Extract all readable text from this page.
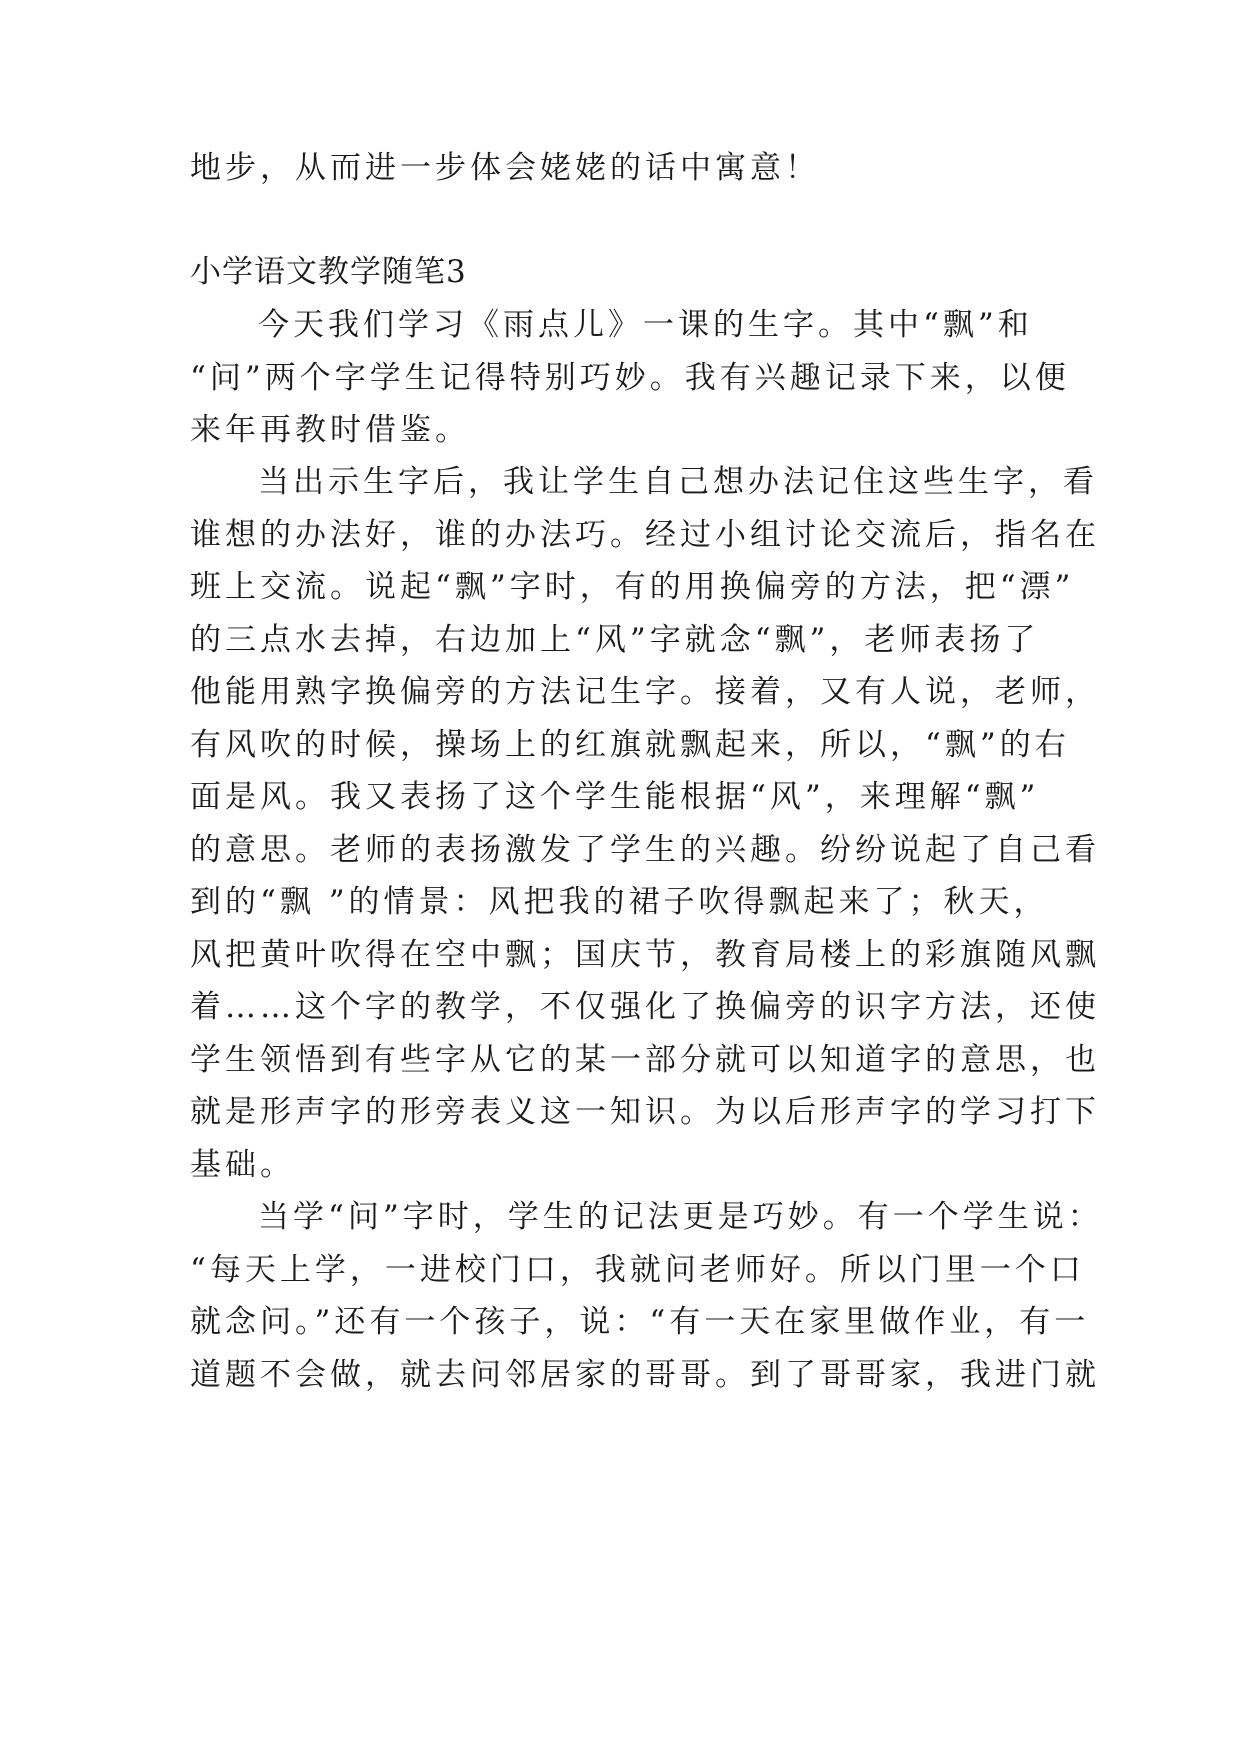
地步，从而进一步体会姥姥的话中寓意！
小学语文教学随笔3
今天我们学习《雨点儿》一课的生字。其中“飘”和
“问”两个字学生记得特别巧妙。我有兴趣记录下来，以便
来年再教时借鉴。
当出示生字后，我让学生自己想办法记住这些生字，看
谁想的办法好，谁的办法巧。经过小组讨论交流后，指名在
班上交流。说起“飘”字时，有的用换偏旁的方法，把“漂”
的三点水去掉，右边加上“风”字就念“飘”，老师表扬了
他能用熟字换偏旁的方法记生字。接着，又有人说，老师，
有风吹的时候，操场上的红旗就飘起来，所以，“飘”的右
面是风。我又表扬了这个学生能根据“风”，来理解“飘”
的意思。老师的表扬激发了学生的兴趣。纷纷说起了自己看
到的“飘 ”的情景：风把我的裙子吹得飘起来了；秋天，
风把黄叶吹得在空中飘；国庆节，教育局楼上的彩旗随风飘
着……这个字的教学，不仅强化了换偏旁的识字方法，还使
学生领悟到有些字从它的某一部分就可以知道字的意思，也
就是形声字的形旁表义这一知识。为以后形声字的学习打下
基础。
当学“问”字时，学生的记法更是巧妙。有一个学生说：
“每天上学，一进校门口，我就问老师好。所以门里一个口
就念问。”还有一个孩子，说：“有一天在家里做作业，有一
道题不会做，就去问邻居家的哥哥。到了哥哥家，我进门就
